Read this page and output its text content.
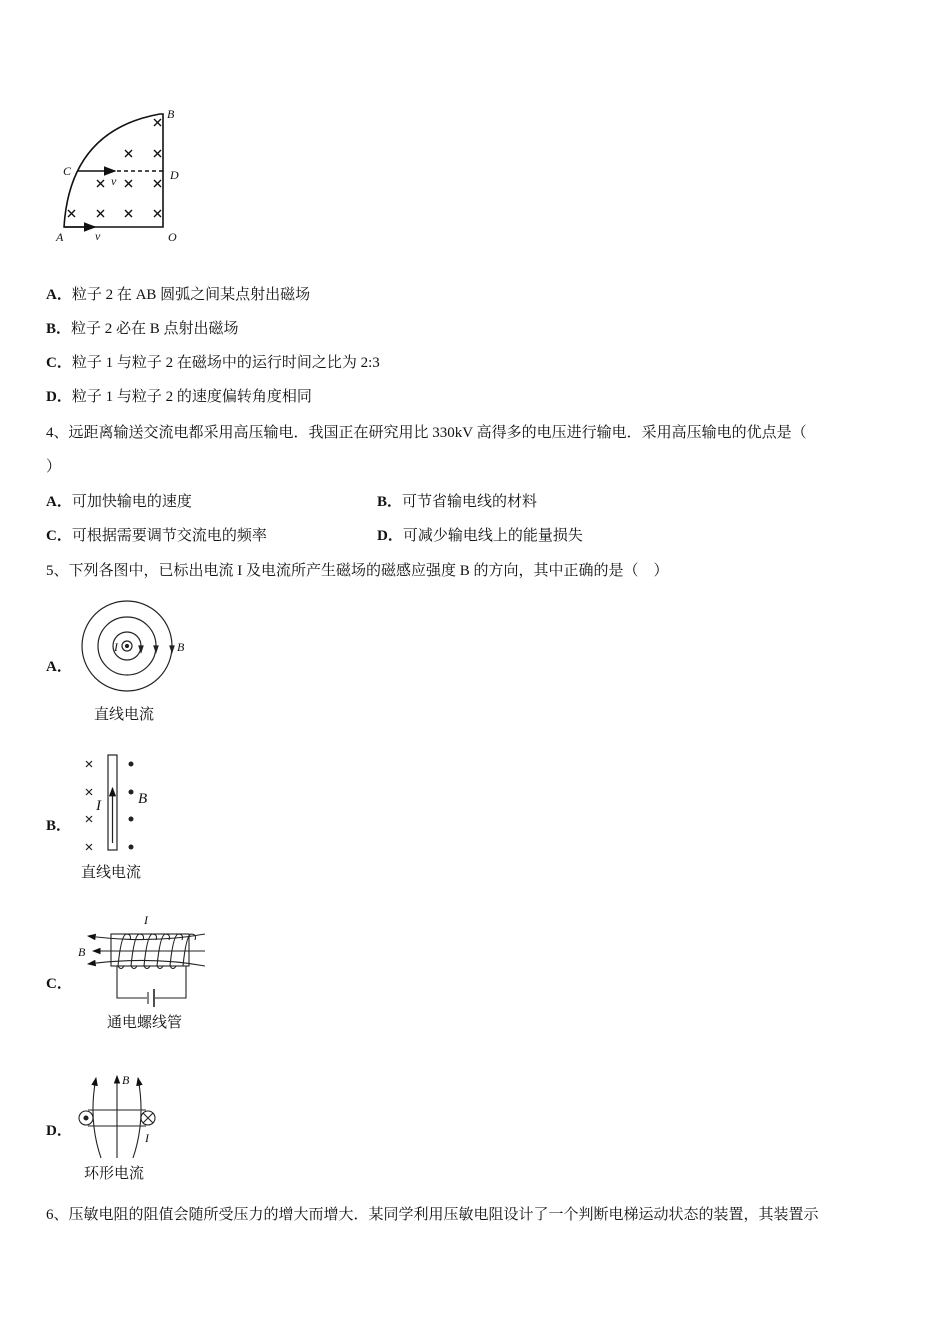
B
C	D
A	O
v
v
I	B
直线电流
I B
直线电流
I
B
通电螺线管
B
I
环形电流
A．粒子 2 在 AB 圆弧之间某点射出磁场
B．粒子 2 必在 B 点射出磁场
C．粒子 1 与粒子 2 在磁场中的运行时间之比为 2:3
D．粒子 1 与粒子 2 的速度偏转角度相同
4、远距离输送交流电都采用高压输电．我国正在研究用比 330kV 高得多的电压进行输电．采用高压输电的优点是（
）
A．可加快输电的速度	B．可节省输电线的材料
C．可根据需要调节交流电的频率	D．可减少输电线上的能量损失
5、下列各图中，已标出电流 I 及电流所产生磁场的磁感应强度 B 的方向，其中正确的是（　）
A．
B．
C．
D．
6、压敏电阻的阻值会随所受压力的增大而增大．某同学利用压敏电阻设计了一个判断电梯运动状态的装置，其装置示
